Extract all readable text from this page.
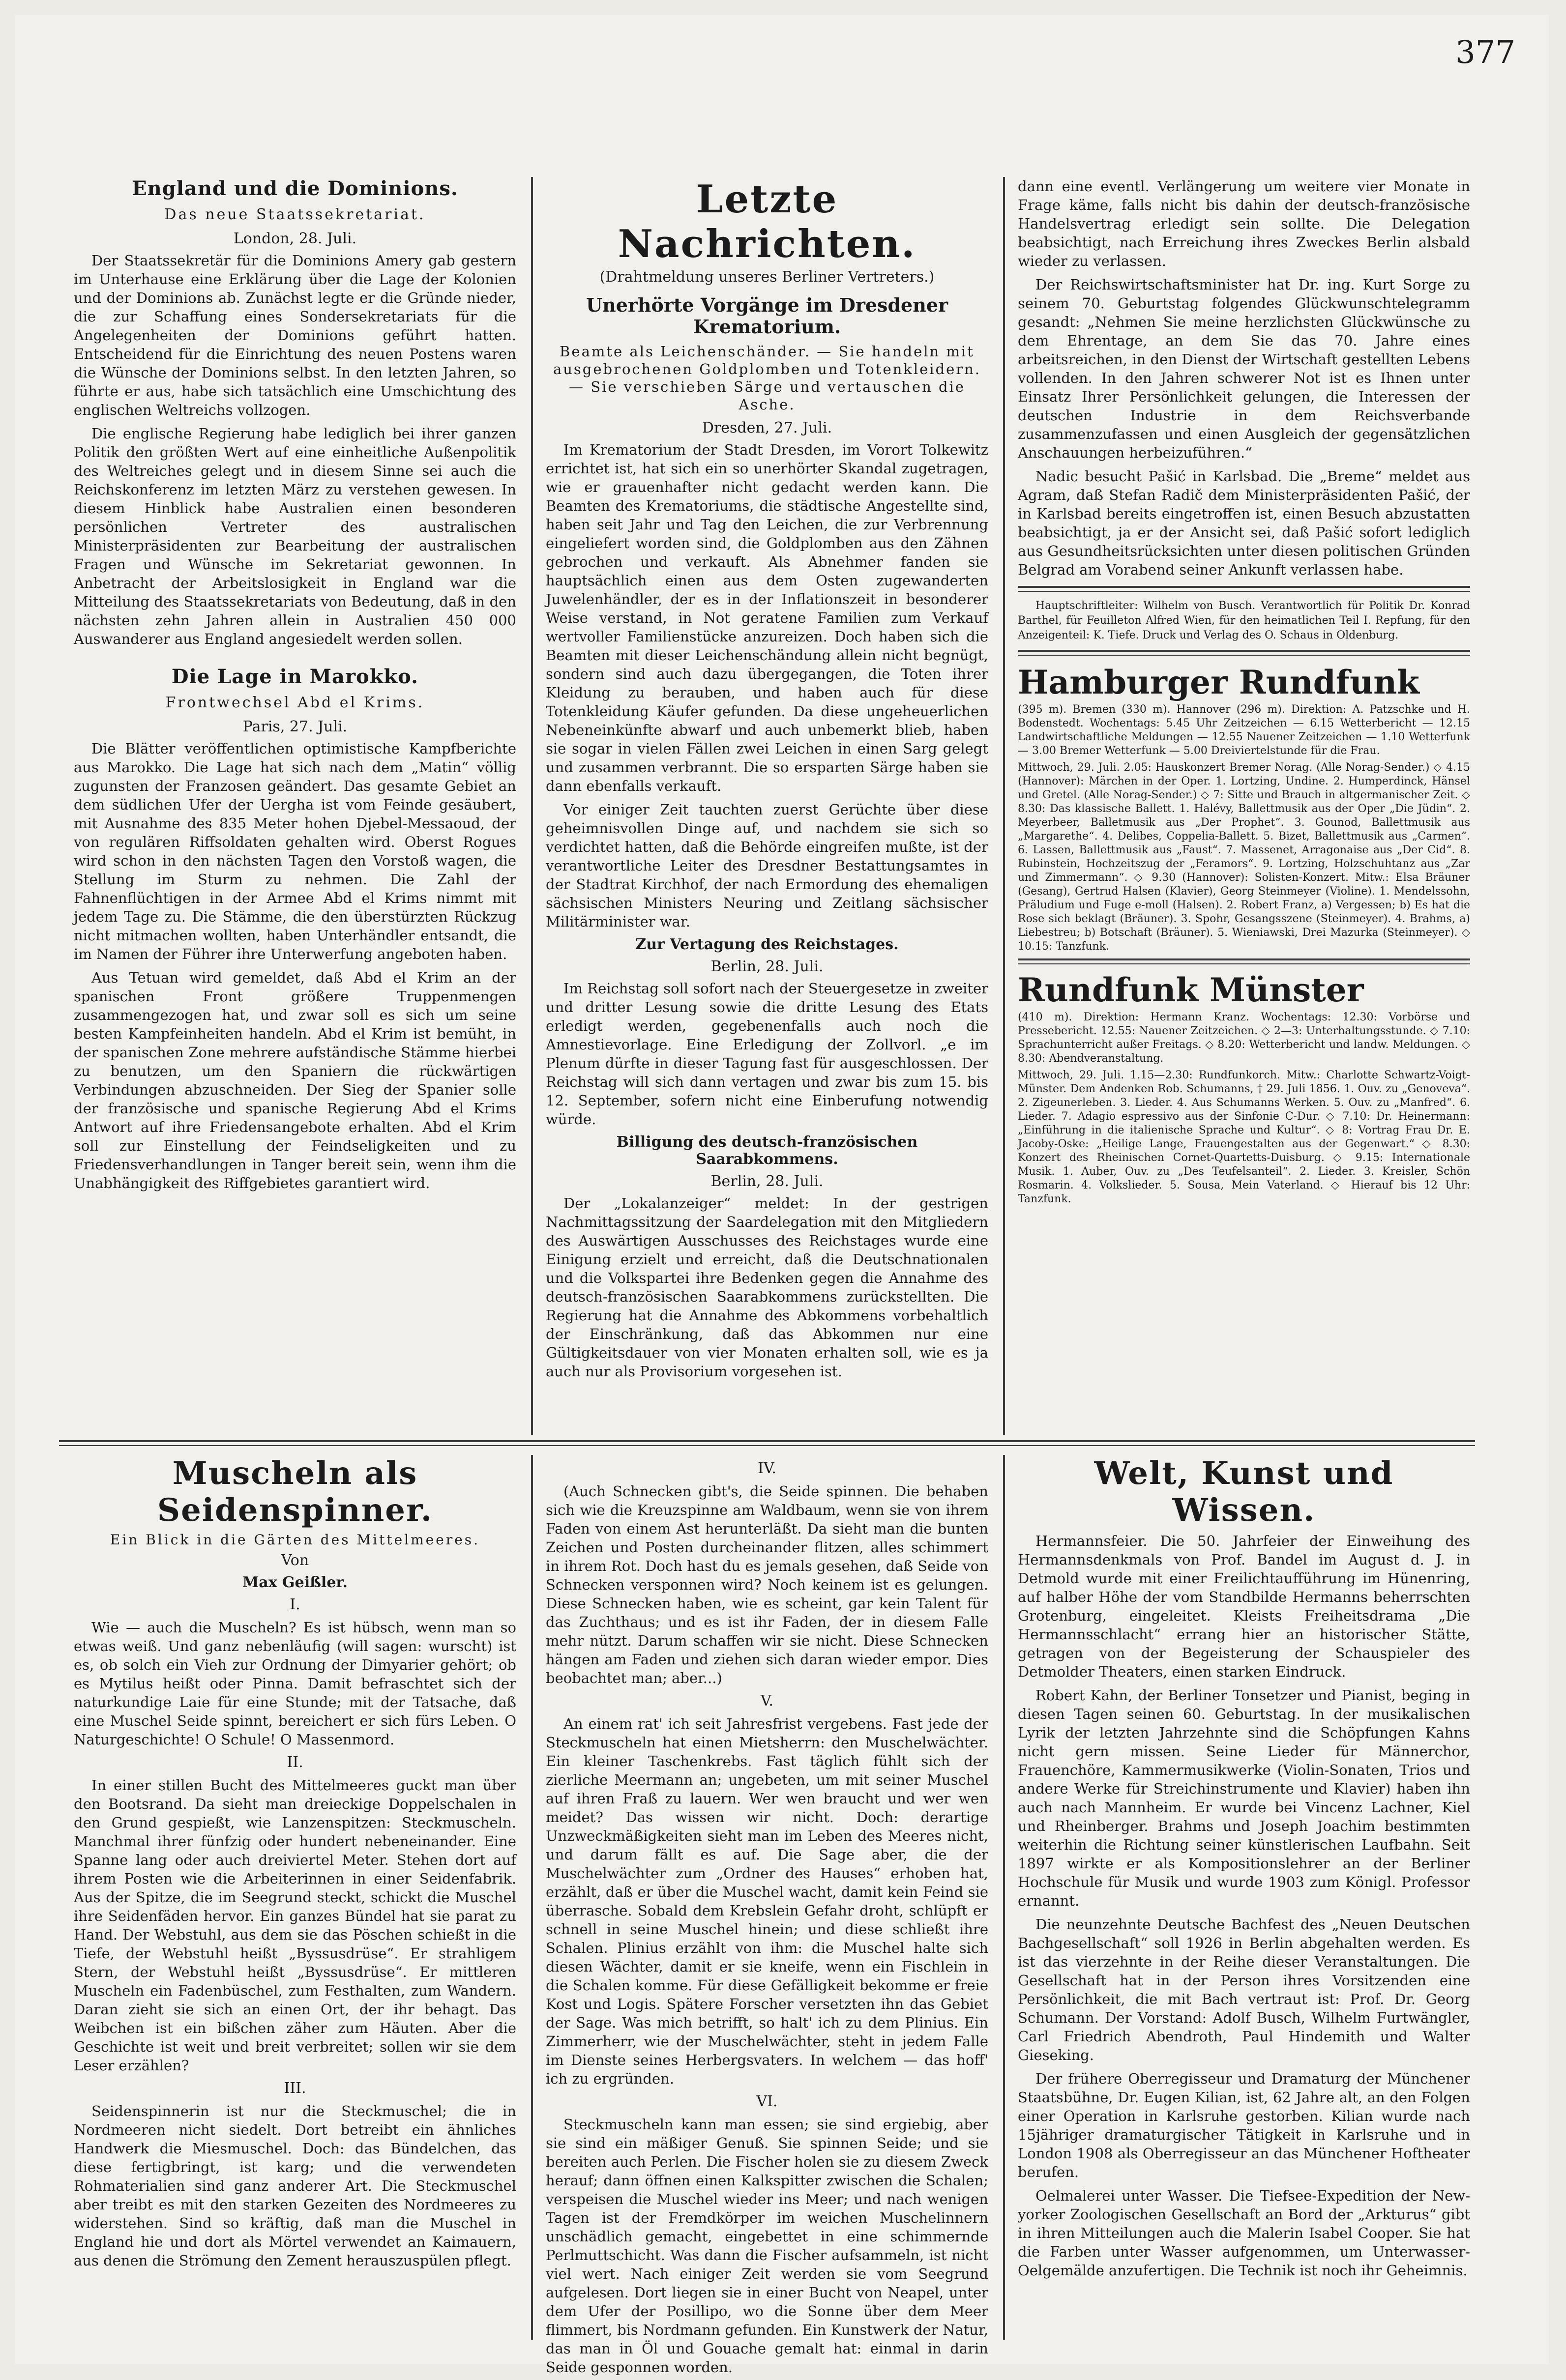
377
England und die Dominions.
Das neue Staatssekretariat.
London, 28. Juli.

Der Staatssekretär für die Dominions Amery gab gestern im Unterhause eine Erklärung über die Lage der Kolonien und der Dominions ab. Zunächst legte er die Gründe nieder, die zur Schaffung eines Sondersekretariats für die Angelegenheiten der Dominions geführt hatten. Entscheidend für die Einrichtung des neuen Postens waren die Wünsche der Dominions selbst. In den letzten Jahren, so führte er aus, habe sich tatsächlich eine Umschichtung des englischen Weltreichs vollzogen.

Die englische Regierung habe lediglich bei ihrer ganzen Politik den größten Wert auf eine einheitliche Außenpolitik des Weltreiches gelegt und in diesem Sinne sei auch die Reichskonferenz im letzten März zu verstehen gewesen. In diesem Hinblick habe Australien einen besonderen persönlichen Vertreter des australischen Ministerpräsidenten zur Bearbeitung der australischen Fragen und Wünsche im Sekretariat gewonnen. In Anbetracht der Arbeitslosigkeit in England war die Mitteilung des Staatssekretariats von Bedeutung, daß in den nächsten zehn Jahren allein in Australien 450 000 Auswanderer aus England angesiedelt werden sollen.

Die Lage in Marokko.
Frontwechsel Abd el Krims.
Paris, 27. Juli.

Die Blätter veröffentlichen optimistische Kampfberichte aus Marokko. Die Lage hat sich nach dem „Matin“ völlig zugunsten der Franzosen geändert. Das gesamte Gebiet an dem südlichen Ufer der Uergha ist vom Feinde gesäubert, mit Ausnahme des 835 Meter hohen Djebel-Messaoud, der von regulären Riffsoldaten gehalten wird. Oberst Rogues wird schon in den nächsten Tagen den Vorstoß wagen, die Stellung im Sturm zu nehmen. Die Zahl der Fahnenflüchtigen in der Armee Abd el Krims nimmt mit jedem Tage zu. Die Stämme, die den überstürzten Rückzug nicht mitmachen wollten, haben Unterhändler entsandt, die im Namen der Führer ihre Unterwerfung angeboten haben.

Aus Tetuan wird gemeldet, daß Abd el Krim an der spanischen Front größere Truppenmengen zusammengezogen hat, und zwar soll es sich um seine besten Kampfeinheiten handeln. Abd el Krim ist bemüht, in der spanischen Zone mehrere aufständische Stämme hierbei zu benutzen, um den Spaniern die rückwärtigen Verbindungen abzuschneiden. Der Sieg der Spanier solle der französische und spanische Regierung Abd el Krims Antwort auf ihre Friedensangebote erhalten. Abd el Krim soll zur Einstellung der Feindseligkeiten und zu Friedensverhandlungen in Tanger bereit sein, wenn ihm die Unabhängigkeit des Riffgebietes garantiert wird.

Letzte Nachrichten.
(Drahtmeldung unseres Berliner Vertreters.)
Unerhörte Vorgänge im Dresdener Krematorium.
Beamte als Leichenschänder. — Sie handeln mit ausgebrochenen Goldplomben und Totenkleidern. — Sie verschieben Särge und vertauschen die Asche.
Dresden, 27. Juli.

Im Krematorium der Stadt Dresden, im Vorort Tolkewitz errichtet ist, hat sich ein so unerhörter Skandal zugetragen, wie er grauenhafter nicht gedacht werden kann. Die Beamten des Krematoriums, die städtische Angestellte sind, haben seit Jahr und Tag den Leichen, die zur Verbrennung eingeliefert worden sind, die Goldplomben aus den Zähnen gebrochen und verkauft. Als Abnehmer fanden sie hauptsächlich einen aus dem Osten zugewanderten Juwelenhändler, der es in der Inflationszeit in besonderer Weise verstand, in Not geratene Familien zum Verkauf wertvoller Familienstücke anzureizen. Doch haben sich die Beamten mit dieser Leichenschändung allein nicht begnügt, sondern sind auch dazu übergegangen, die Toten ihrer Kleidung zu berauben, und haben auch für diese Totenkleidung Käufer gefunden. Da diese ungeheuerlichen Nebeneinkünfte abwarf und auch unbemerkt blieb, haben sie sogar in vielen Fällen zwei Leichen in einen Sarg gelegt und zusammen verbrannt. Die so ersparten Särge haben sie dann ebenfalls verkauft.

Vor einiger Zeit tauchten zuerst Gerüchte über diese geheimnisvollen Dinge auf, und nachdem sie sich so verdichtet hatten, daß die Behörde eingreifen mußte, ist der verantwortliche Leiter des Dresdner Bestattungsamtes in der Stadtrat Kirchhof, der nach Ermordung des ehemaligen sächsischen Ministers Neuring und Zeitlang sächsischer Militärminister war.

Zur Vertagung des Reichstages.
Berlin, 28. Juli.

Im Reichstag soll sofort nach der Steuergesetze in zweiter und dritter Lesung sowie die dritte Lesung des Etats erledigt werden, gegebenenfalls auch noch die Amnestievorlage. Eine Erledigung der Zollvorl. „e im Plenum dürfte in dieser Tagung fast für ausgeschlossen. Der Reichstag will sich dann vertagen und zwar bis zum 15. bis 12. September, sofern nicht eine Einberufung notwendig würde.

Billigung des deutsch-französischen Saarabkommens.
Berlin, 28. Juli.

Der „Lokalanzeiger“ meldet: In der gestrigen Nachmittagssitzung der Saardelegation mit den Mitgliedern des Auswärtigen Ausschusses des Reichstages wurde eine Einigung erzielt und erreicht, daß die Deutschnationalen und die Volkspartei ihre Bedenken gegen die Annahme des deutsch-französischen Saarabkommens zurückstellten. Die Regierung hat die Annahme des Abkommens vorbehaltlich der Einschränkung, daß das Abkommen nur eine Gültigkeitsdauer von vier Monaten erhalten soll, wie es ja auch nur als Provisorium vorgesehen ist.

dann eine eventl. Verlängerung um weitere vier Monate in Frage käme, falls nicht bis dahin der deutsch-französische Handelsvertrag erledigt sein sollte. Die Delegation beabsichtigt, nach Erreichung ihres Zweckes Berlin alsbald wieder zu verlassen.

Der Reichswirtschaftsminister hat Dr. ing. Kurt Sorge zu seinem 70. Geburtstag folgendes Glückwunschtelegramm gesandt: „Nehmen Sie meine herzlichsten Glückwünsche zu dem Ehrentage, an dem Sie das 70. Jahre eines arbeitsreichen, in den Dienst der Wirtschaft gestellten Lebens vollenden. In den Jahren schwerer Not ist es Ihnen unter Einsatz Ihrer Persönlichkeit gelungen, die Interessen der deutschen Industrie in dem Reichsverbande zusammenzufassen und einen Ausgleich der gegensätzlichen Anschauungen herbeizuführen.“

Nadic besucht Pašić in Karlsbad. Die „Breme“ meldet aus Agram, daß Stefan Radič dem Ministerpräsidenten Pašić, der in Karlsbad bereits eingetroffen ist, einen Besuch abzustatten beabsichtigt, ja er der Ansicht sei, daß Pašić sofort lediglich aus Gesundheitsrücksichten unter diesen politischen Gründen Belgrad am Vorabend seiner Ankunft verlassen habe.

Hauptschriftleiter: Wilhelm von Busch. Verantwortlich für Politik Dr. Konrad Barthel, für Feuilleton Alfred Wien, für den heimatlichen Teil I. Repfung, für den Anzeigenteil: K. Tiefe. Druck und Verlag des O. Schaus in Oldenburg.

Hamburger Rundfunk

(395 m). Bremen (330 m). Hannover (296 m). Direktion: A. Patzschke und H. Bodenstedt. Wochentags: 5.45 Uhr Zeitzeichen — 6.15 Wetterbericht — 12.15 Landwirtschaftliche Meldungen — 12.55 Nauener Zeitzeichen — 1.10 Wetterfunk — 3.00 Bremer Wetterfunk — 5.00 Dreiviertelstunde für die Frau.

Mittwoch, 29. Juli. 2.05: Hauskonzert Bremer Norag. (Alle Norag-Sender.) ◇ 4.15 (Hannover): Märchen in der Oper. 1. Lortzing, Undine. 2. Humperdinck, Hänsel und Gretel. (Alle Norag-Sender.) ◇ 7: Sitte und Brauch in altgermanischer Zeit. ◇ 8.30: Das klassische Ballett. 1. Halévy, Ballettmusik aus der Oper „Die Jüdin“. 2. Meyerbeer, Balletmusik aus „Der Prophet“. 3. Gounod, Ballettmusik aus „Margarethe“. 4. Delibes, Coppelia-Ballett. 5. Bizet, Ballettmusik aus „Carmen“. 6. Lassen, Ballettmusik aus „Faust“. 7. Massenet, Arragonaise aus „Der Cid“. 8. Rubinstein, Hochzeitszug der „Feramors“. 9. Lortzing, Holzschuhtanz aus „Zar und Zimmermann“. ◇ 9.30 (Hannover): Solisten-Konzert. Mitw.: Elsa Bräuner (Gesang), Gertrud Halsen (Klavier), Georg Steinmeyer (Violine). 1. Mendelssohn, Präludium und Fuge e-moll (Halsen). 2. Robert Franz, a) Vergessen; b) Es hat die Rose sich beklagt (Bräuner). 3. Spohr, Gesangsszene (Steinmeyer). 4. Brahms, a) Liebestreu; b) Botschaft (Bräuner). 5. Wieniawski, Drei Mazurka (Steinmeyer). ◇ 10.15: Tanzfunk.

Rundfunk Münster

(410 m). Direktion: Hermann Kranz. Wochentags: 12.30: Vorbörse und Pressebericht. 12.55: Nauener Zeitzeichen. ◇ 2—3: Unterhaltungsstunde. ◇ 7.10: Sprachunterricht außer Freitags. ◇ 8.20: Wetterbericht und landw. Meldungen. ◇ 8.30: Abendveranstaltung.

Mittwoch, 29. Juli. 1.15—2.30: Rundfunkorch. Mitw.: Charlotte Schwartz-Voigt-Münster. Dem Andenken Rob. Schumanns, † 29. Juli 1856. 1. Ouv. zu „Genoveva“. 2. Zigeunerleben. 3. Lieder. 4. Aus Schumanns Werken. 5. Ouv. zu „Manfred“. 6. Lieder. 7. Adagio espressivo aus der Sinfonie C-Dur. ◇ 7.10: Dr. Heinermann: „Einführung in die italienische Sprache und Kultur“. ◇ 8: Vortrag Frau Dr. E. Jacoby-Oske: „Heilige Lange, Frauengestalten aus der Gegenwart.“ ◇ 8.30: Konzert des Rheinischen Cornet-Quartetts-Duisburg. ◇ 9.15: Internationale Musik. 1. Auber, Ouv. zu „Des Teufelsanteil“. 2. Lieder. 3. Kreisler, Schön Rosmarin. 4. Volkslieder. 5. Sousa, Mein Vaterland. ◇ Hierauf bis 12 Uhr: Tanzfunk.

Muscheln als Seidenspinner.
Ein Blick in die Gärten des Mittelmeeres.
Von
Max Geißler.
I.

Wie — auch die Muscheln? Es ist hübsch, wenn man so etwas weiß. Und ganz nebenläufig (will sagen: wurscht) ist es, ob solch ein Vieh zur Ordnung der Dimyarier gehört; ob es Mytilus heißt oder Pinna. Damit befraschtet sich der naturkundige Laie für eine Stunde; mit der Tatsache, daß eine Muschel Seide spinnt, bereichert er sich fürs Leben. O Naturgeschichte! O Schule! O Massenmord.

II.

In einer stillen Bucht des Mittelmeeres guckt man über den Bootsrand. Da sieht man dreieckige Doppelschalen in den Grund gespießt, wie Lanzenspitzen: Steckmuscheln. Manchmal ihrer fünfzig oder hundert nebeneinander. Eine Spanne lang oder auch dreiviertel Meter. Stehen dort auf ihrem Posten wie die Arbeiterinnen in einer Seidenfabrik. Aus der Spitze, die im Seegrund steckt, schickt die Muschel ihre Seidenfäden hervor. Ein ganzes Bündel hat sie parat zu Hand. Der Webstuhl, aus dem sie das Pöschen schießt in die Tiefe, der Webstuhl heißt „Byssusdrüse“. Er strahligem Stern, der Webstuhl heißt „Byssusdrüse“. Er mittleren Muscheln ein Fadenbüschel, zum Festhalten, zum Wandern. Daran zieht sie sich an einen Ort, der ihr behagt. Das Weibchen ist ein bißchen zäher zum Häuten. Aber die Geschichte ist weit und breit verbreitet; sollen wir sie dem Leser erzählen?

III.

Seidenspinnerin ist nur die Steckmuschel; die in Nordmeeren nicht siedelt. Dort betreibt ein ähnliches Handwerk die Miesmuschel. Doch: das Bündelchen, das diese fertigbringt, ist karg; und die verwendeten Rohmaterialien sind ganz anderer Art. Die Steckmuschel aber treibt es mit den starken Gezeiten des Nordmeeres zu widerstehen. Sind so kräftig, daß man die Muschel in England hie und dort als Mörtel verwendet an Kaimauern, aus denen die Strömung den Zement herauszuspülen pflegt.

IV.

(Auch Schnecken gibt's, die Seide spinnen. Die behaben sich wie die Kreuzspinne am Waldbaum, wenn sie von ihrem Faden von einem Ast herunterläßt. Da sieht man die bunten Zeichen und Posten durcheinander flitzen, alles schimmert in ihrem Rot. Doch hast du es jemals gesehen, daß Seide von Schnecken versponnen wird? Noch keinem ist es gelungen. Diese Schnecken haben, wie es scheint, gar kein Talent für das Zuchthaus; und es ist ihr Faden, der in diesem Falle mehr nützt. Darum schaffen wir sie nicht. Diese Schnecken hängen am Faden und ziehen sich daran wieder empor. Dies beobachtet man; aber...)

V.

An einem rat' ich seit Jahresfrist vergebens. Fast jede der Steckmuscheln hat einen Mietsherrn: den Muschelwächter. Ein kleiner Taschenkrebs. Fast täglich fühlt sich der zierliche Meermann an; ungebeten, um mit seiner Muschel auf ihren Fraß zu lauern. Wer wen braucht und wer wen meidet? Das wissen wir nicht. Doch: derartige Unzweckmäßigkeiten sieht man im Leben des Meeres nicht, und darum fällt es auf. Die Sage aber, die der Muschelwächter zum „Ordner des Hauses“ erhoben hat, erzählt, daß er über die Muschel wacht, damit kein Feind sie überrasche. Sobald dem Krebslein Gefahr droht, schlüpft er schnell in seine Muschel hinein; und diese schließt ihre Schalen. Plinius erzählt von ihm: die Muschel halte sich diesen Wächter, damit er sie kneife, wenn ein Fischlein in die Schalen komme. Für diese Gefälligkeit bekomme er freie Kost und Logis. Spätere Forscher versetzten ihn das Gebiet der Sage. Was mich betrifft, so halt' ich zu dem Plinius. Ein Zimmerherr, wie der Muschelwächter, steht in jedem Falle im Dienste seines Herbergsvaters. In welchem — das hoff' ich zu ergründen.

VI.

Steckmuscheln kann man essen; sie sind ergiebig, aber sie sind ein mäßiger Genuß. Sie spinnen Seide; und sie bereiten auch Perlen. Die Fischer holen sie zu diesem Zweck herauf; dann öffnen einen Kalkspitter zwischen die Schalen; verspeisen die Muschel wieder ins Meer; und nach wenigen Tagen ist der Fremdkörper im weichen Muschelinnern unschädlich gemacht, eingebettet in eine schimmernde Perlmuttschicht. Was dann die Fischer aufsammeln, ist nicht viel wert. Nach einiger Zeit werden sie vom Seegrund aufgelesen. Dort liegen sie in einer Bucht von Neapel, unter dem Ufer der Posillipo, wo die Sonne über dem Meer flimmert, bis Nordmann gefunden. Ein Kunstwerk der Natur, das man in Öl und Gouache gemalt hat: einmal in darin Seide gesponnen worden.

Welt, Kunst und Wissen.

Hermannsfeier. Die 50. Jahrfeier der Einweihung des Hermannsdenkmals von Prof. Bandel im August d. J. in Detmold wurde mit einer Freilichtaufführung im Hünenring, auf halber Höhe der vom Standbilde Hermanns beherrschten Grotenburg, eingeleitet. Kleists Freiheitsdrama „Die Hermannsschlacht“ errang hier an historischer Stätte, getragen von der Begeisterung der Schauspieler des Detmolder Theaters, einen starken Eindruck.

Robert Kahn, der Berliner Tonsetzer und Pianist, beging in diesen Tagen seinen 60. Geburtstag. In der musikalischen Lyrik der letzten Jahrzehnte sind die Schöpfungen Kahns nicht gern missen. Seine Lieder für Männerchor, Frauenchöre, Kammermusikwerke (Violin-Sonaten, Trios und andere Werke für Streichinstrumente und Klavier) haben ihn auch nach Mannheim. Er wurde bei Vincenz Lachner, Kiel und Rheinberger. Brahms und Joseph Joachim bestimmten weiterhin die Richtung seiner künstlerischen Laufbahn. Seit 1897 wirkte er als Kompositionslehrer an der Berliner Hochschule für Musik und wurde 1903 zum Königl. Professor ernannt.

Die neunzehnte Deutsche Bachfest des „Neuen Deutschen Bachgesellschaft“ soll 1926 in Berlin abgehalten werden. Es ist das vierzehnte in der Reihe dieser Veranstaltungen. Die Gesellschaft hat in der Person ihres Vorsitzenden eine Persönlichkeit, die mit Bach vertraut ist: Prof. Dr. Georg Schumann. Der Vorstand: Adolf Busch, Wilhelm Furtwängler, Carl Friedrich Abendroth, Paul Hindemith und Walter Gieseking.

Der frühere Oberregisseur und Dramaturg der Münchener Staatsbühne, Dr. Eugen Kilian, ist, 62 Jahre alt, an den Folgen einer Operation in Karlsruhe gestorben. Kilian wurde nach 15jähriger dramaturgischer Tätigkeit in Karlsruhe und in London 1908 als Oberregisseur an das Münchener Hoftheater berufen.

Oelmalerei unter Wasser. Die Tiefsee-Expedition der New-yorker Zoologischen Gesellschaft an Bord der „Arkturus“ gibt in ihren Mitteilungen auch die Malerin Isabel Cooper. Sie hat die Farben unter Wasser aufgenommen, um Unterwasser-Oelgemälde anzufertigen. Die Technik ist noch ihr Geheimnis.
